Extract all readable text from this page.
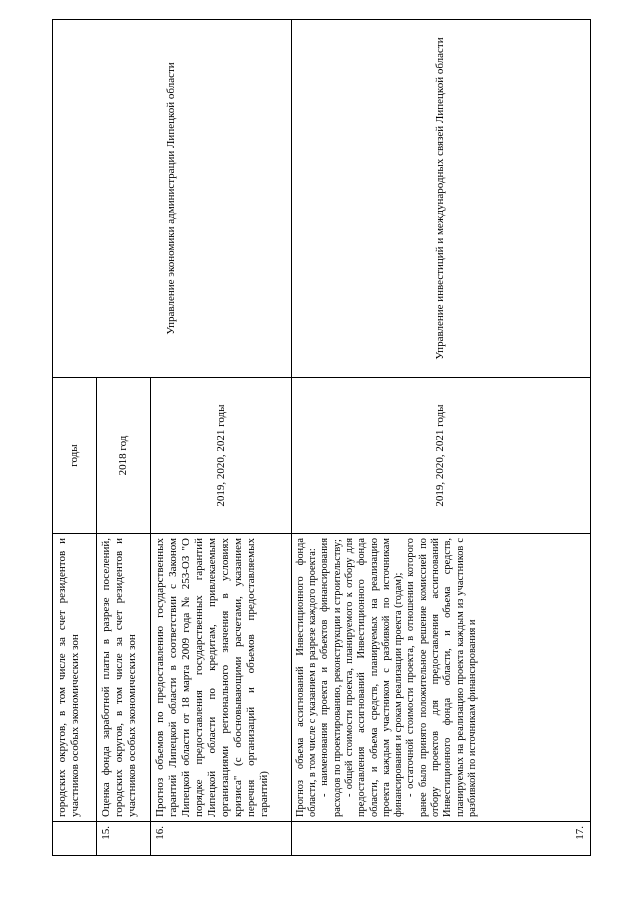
	городских округов, в том числе за счет резидентов и участников особых экономических зон	годы	Управление экономики администрации Липецкой области
15.	Оценка фонда заработной платы в разрезе поселений, городских округов, в том числе за счет резидентов и участников особых экономических зон	2018 год	
16.	Прогноз объемов по предоставлению государственных гарантий Липецкой области в соответствии с Законом Липецкой области от 18 марта 2009 года № 253-ОЗ "О порядке предоставления государственных гарантий Липецкой области по кредитам, привлекаемым организациями регионального значения в условиях кризиса" (с обосновывающими расчетами, указанием перечня организаций и объемов предоставляемых гарантий)	2019, 2020, 2021 годы	
17.	Прогноз объема ассигнований Инвестиционного фонда области, в том числе с указанием в разрезе каждого проекта: - наименования проекта и объектов финансирования расходов по проектированию, реконструкции и строительству; - общей стоимости проекта, планируемого к отбору для предоставления ассигнований Инвестиционного фонда области, и объема средств, планируемых на реализацию проекта каждым участником с разбивкой по источникам финансирования и срокам реализации проекта (годам); - остаточной стоимости проекта, в отношении которого ранее было принято положительное решение комиссией по отбору проектов для предоставления ассигнований Инвестиционного фонда области, и объема средств, планируемых на реализацию проекта каждым из участников с разбивкой по источникам финансирования и	2019, 2020, 2021 годы	Управление инвестиций и международных связей Липецкой области
